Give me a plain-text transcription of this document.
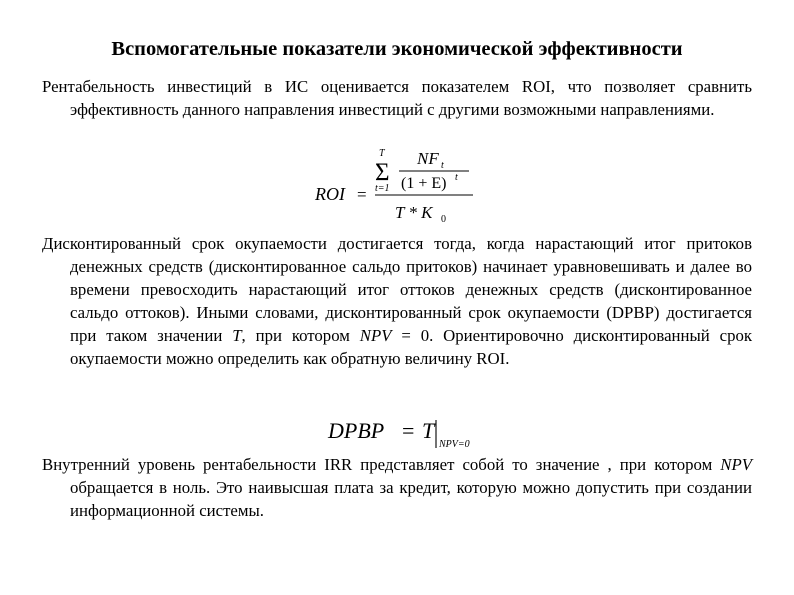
Вспомогательные показатели экономической эффективности
Рентабельность инвестиций в ИС оценивается показателем ROI, что позволяет сравнить эффективность данного направления инвестиций с другими возможными направлениями.
ROI =
T
Σ
t=1
NF t
(1 + E) t
T * K 0
Дисконтированный срок окупаемости достигается тогда, когда нарастающий итог притоков денежных средств (дисконтированное сальдо притоков) начинает уравновешивать и далее во времени превосходить нарастающий итог оттоков денежных средств (дисконтированное сальдо оттоков). Иными словами, дисконтированный срок окупаемости (DPBP) достигается при таком значении T, при котором NPV = 0. Ориентировочно дисконтированный срок окупаемости можно определить как обратную величину ROI.
DPBP = T
NPV=0
Внутренний уровень рентабельности IRR представляет собой то значение , при котором NPV обращается в ноль. Это наивысшая плата за кредит, которую можно допустить при создании информационной системы.
